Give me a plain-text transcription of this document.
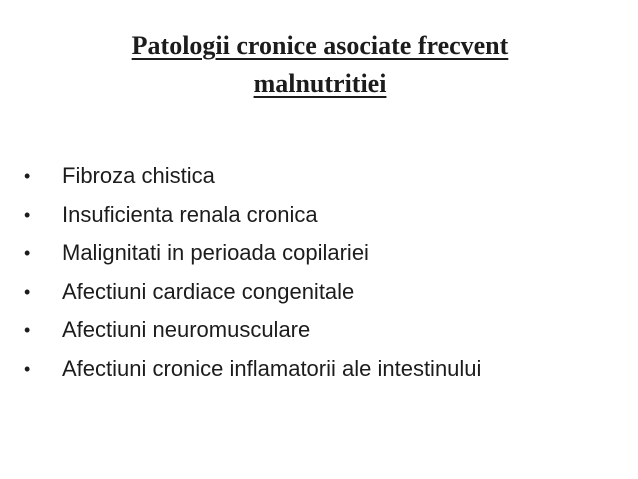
Patologii cronice asociate frecvent
malnutritiei
•	Fibroza chistica
•	Insuficienta renala cronica
•	Malignitati in perioada copilariei
•	Afectiuni cardiace congenitale
•	Afectiuni neuromusculare
•	Afectiuni cronice inflamatorii ale intestinului
